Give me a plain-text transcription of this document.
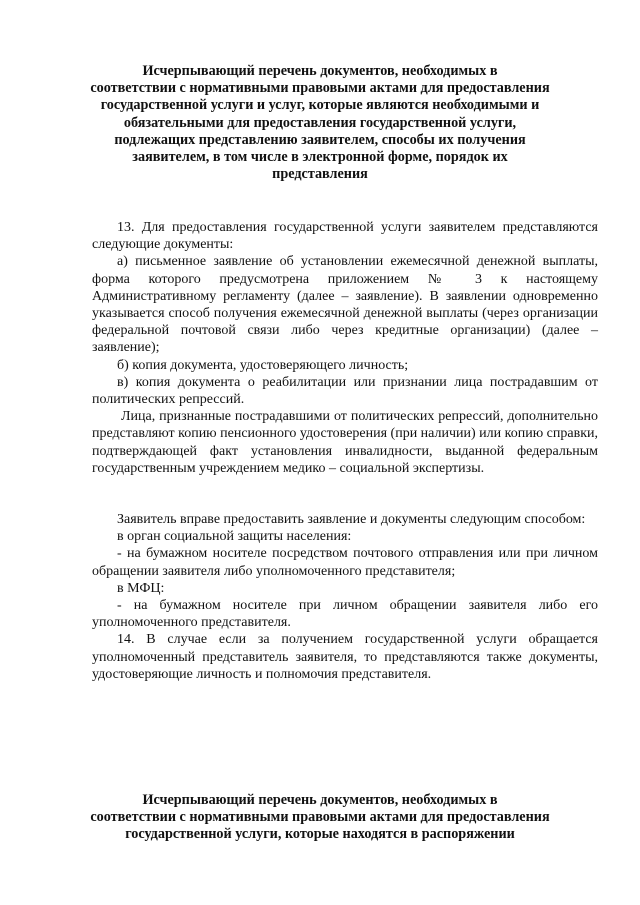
Исчерпывающий перечень документов, необходимых в
соответствии с нормативными правовыми актами для предоставления
государственной услуги и услуг, которые являются необходимыми и
обязательными для предоставления государственной услуги,
подлежащих представлению заявителем, способы их получения
заявителем, в том числе в электронной форме, порядок их
представления

13. Для предоставления государственной услуги заявителем представляются следующие документы:

а) письменное заявление об установлении ежемесячной денежной выплаты, форма которого предусмотрена приложением № 3 к настоящему Административному регламенту (далее – заявление). В заявлении одновременно указывается способ получения ежемесячной денежной выплаты (через организации федеральной почтовой связи либо через кредитные организации) (далее – заявление);

б) копия документа, удостоверяющего личность;

в) копия документа о реабилитации или признании лица пострадавшим от политических репрессий.

Лица, признанные пострадавшими от политических репрессий, дополнительно представляют копию пенсионного удостоверения (при наличии) или копию справки, подтверждающей факт установления инвалидности, выданной федеральным государственным учреждением медико – социальной экспертизы.

Заявитель вправе предоставить заявление и документы следующим способом:

в орган социальной защиты населения:

- на бумажном носителе посредством почтового отправления или при личном обращении заявителя либо уполномоченного представителя;

в МФЦ:

- на бумажном носителе при личном обращении заявителя либо его уполномоченного представителя.

14. В случае если за получением государственной услуги обращается уполномоченный представитель заявителя, то представляются также документы, удостоверяющие личность и полномочия представителя.

Исчерпывающий перечень документов, необходимых в
соответствии с нормативными правовыми актами для предоставления
государственной услуги, которые находятся в распоряжении
